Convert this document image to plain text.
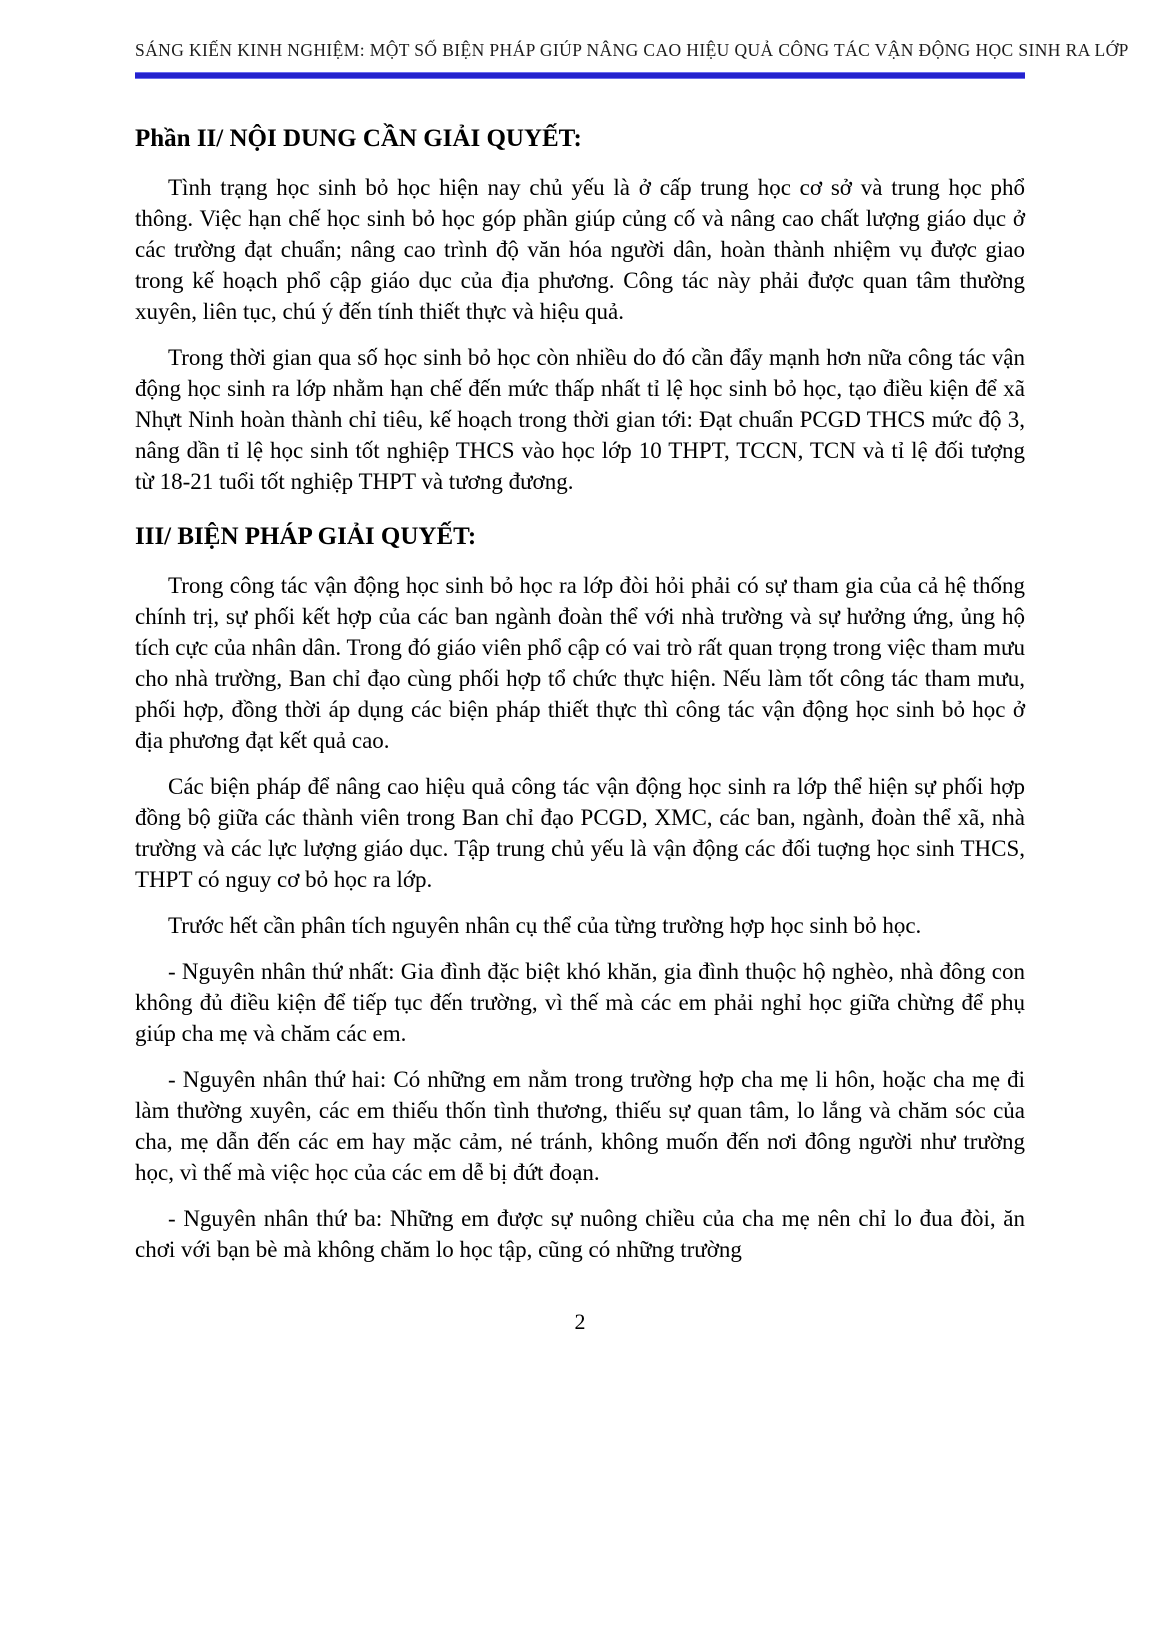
SÁNG KIẾN KINH NGHIỆM: MỘT SỐ BIỆN PHÁP GIÚP NÂNG CAO HIỆU QUẢ CÔNG TÁC VẬN ĐỘNG HỌC SINH RA LỚP
Phần II/ NỘI DUNG CẦN GIẢI QUYẾT:

Tình trạng học sinh bỏ học hiện nay chủ yếu là ở cấp trung học cơ sở và trung học phổ thông. Việc hạn chế học sinh bỏ học góp phần giúp củng cố và nâng cao chất lượng giáo dục ở các trường đạt chuẩn; nâng cao trình độ văn hóa người dân, hoàn thành nhiệm vụ được giao trong kế hoạch phổ cập giáo dục của địa phương. Công tác này phải được quan tâm thường xuyên, liên tục, chú ý đến tính thiết thực và hiệu quả.

Trong thời gian qua số học sinh bỏ học còn nhiều do đó cần đẩy mạnh hơn nữa công tác vận động học sinh ra lớp nhằm hạn chế đến mức thấp nhất tỉ lệ học sinh bỏ học, tạo điều kiện để xã Nhựt Ninh hoàn thành chỉ tiêu, kế hoạch trong thời gian tới: Đạt chuẩn PCGD THCS mức độ 3, nâng dần tỉ lệ học sinh tốt nghiệp THCS vào học lớp 10 THPT, TCCN, TCN và tỉ lệ đối tượng từ 18-21 tuổi tốt nghiệp THPT và tương đương.

III/ BIỆN PHÁP GIẢI QUYẾT:

Trong công tác vận động học sinh bỏ học ra lớp đòi hỏi phải có sự tham gia của cả hệ thống chính trị, sự phối kết hợp của các ban ngành đoàn thể với nhà trường và sự hưởng ứng, ủng hộ tích cực của nhân dân. Trong đó giáo viên phổ cập có vai trò rất quan trọng trong việc tham mưu cho nhà trường, Ban chỉ đạo cùng phối hợp tổ chức thực hiện. Nếu làm tốt công tác tham mưu, phối hợp, đồng thời áp dụng các biện pháp thiết thực thì công tác vận động học sinh bỏ học ở địa phương đạt kết quả cao.

Các biện pháp để nâng cao hiệu quả công tác vận động học sinh ra lớp thể hiện sự phối hợp đồng bộ giữa các thành viên trong Ban chỉ đạo PCGD, XMC, các ban, ngành, đoàn thể xã, nhà trường và các lực lượng giáo dục. Tập trung chủ yếu là vận động các đối tuợng học sinh THCS, THPT có nguy cơ bỏ học ra lớp.

Trước hết cần phân tích nguyên nhân cụ thể của từng trường hợp học sinh bỏ học.

- Nguyên nhân thứ nhất: Gia đình đặc biệt khó khăn, gia đình thuộc hộ nghèo, nhà đông con không đủ điều kiện để tiếp tục đến trường, vì thế mà các em phải nghỉ học giữa chừng để phụ giúp cha mẹ và chăm các em.

- Nguyên nhân thứ hai: Có những em nằm trong trường hợp cha mẹ li hôn, hoặc cha mẹ đi làm thường xuyên, các em thiếu thốn tình thương, thiếu sự quan tâm, lo lắng và chăm sóc của cha, mẹ dẫn đến các em hay mặc cảm, né tránh, không muốn đến nơi đông người như trường học, vì thế mà việc học của các em dễ bị đứt đoạn.

- Nguyên nhân thứ ba: Những em được sự nuông chiều của cha mẹ nên chỉ lo đua đòi, ăn chơi với bạn bè mà không chăm lo học tập, cũng có những trường

2
